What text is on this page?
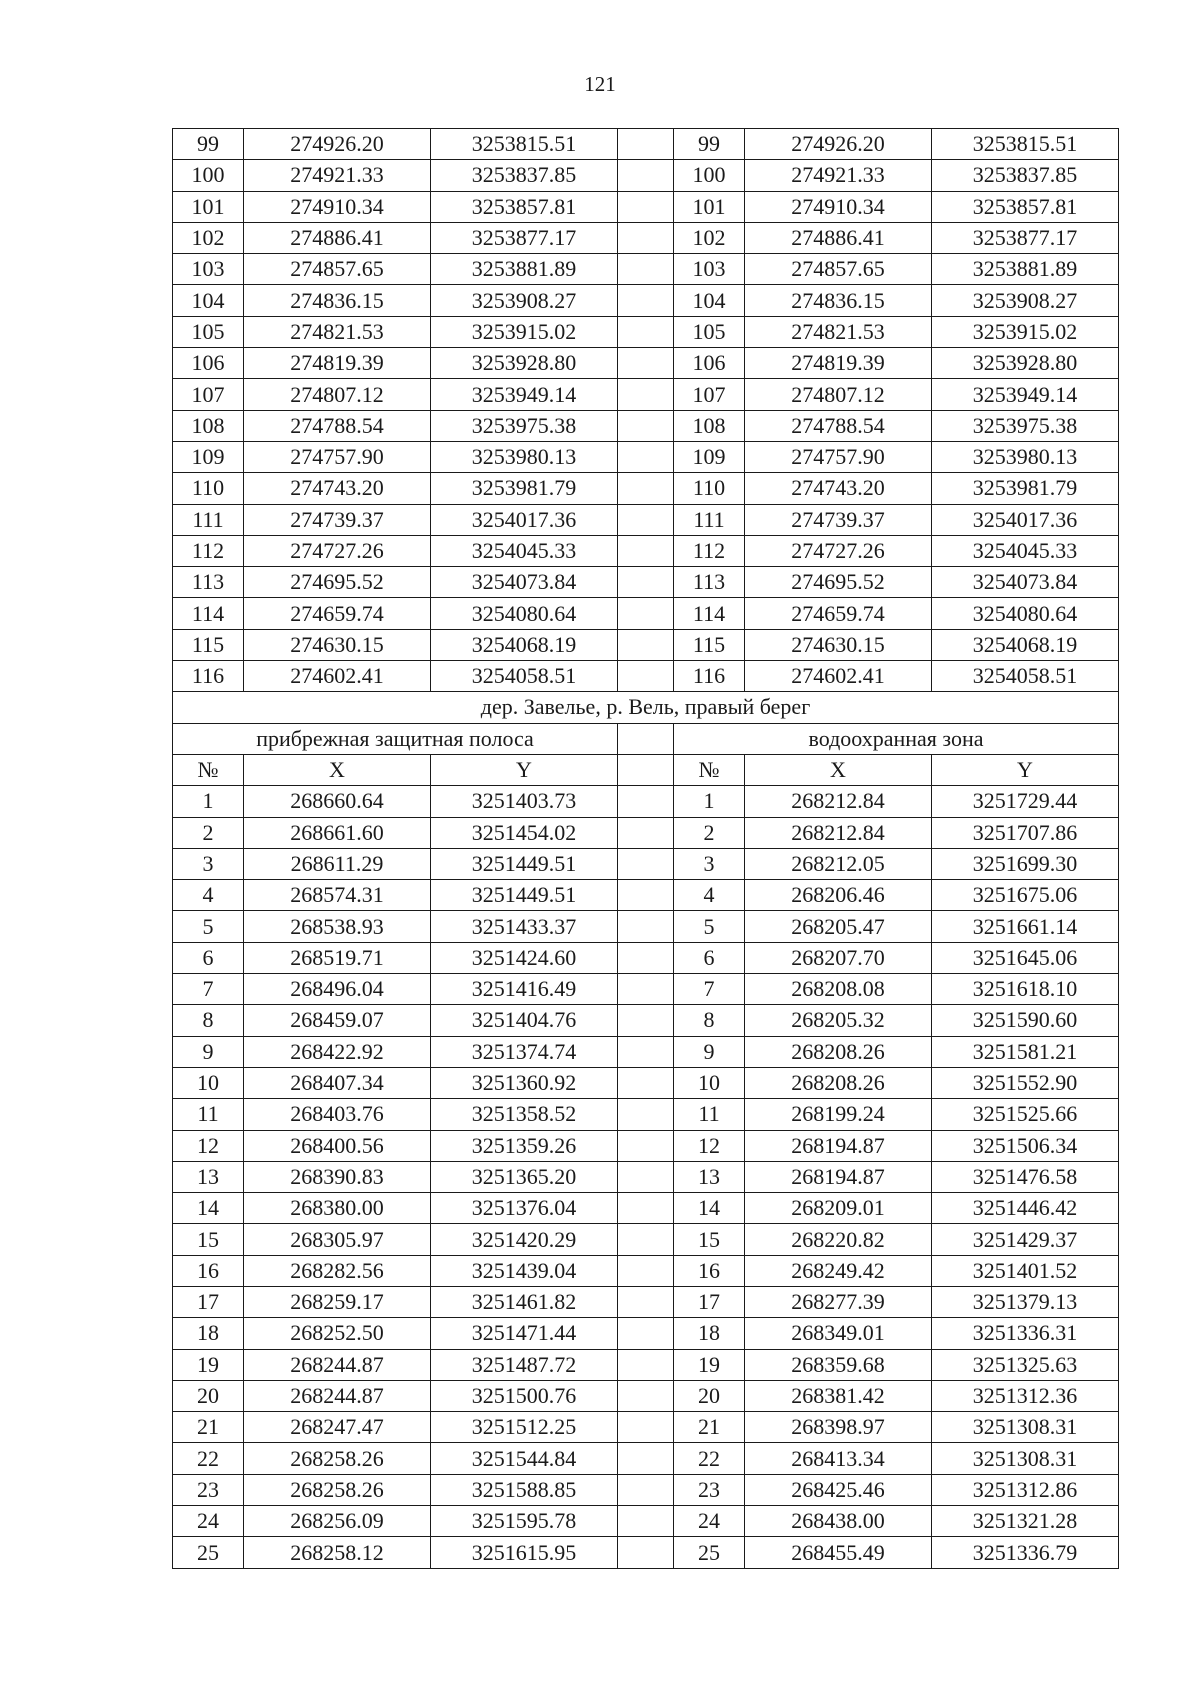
121
99	274926.20	3253815.51		99	274926.20	3253815.51
100	274921.33	3253837.85		100	274921.33	3253837.85
101	274910.34	3253857.81		101	274910.34	3253857.81
102	274886.41	3253877.17		102	274886.41	3253877.17
103	274857.65	3253881.89		103	274857.65	3253881.89
104	274836.15	3253908.27		104	274836.15	3253908.27
105	274821.53	3253915.02		105	274821.53	3253915.02
106	274819.39	3253928.80		106	274819.39	3253928.80
107	274807.12	3253949.14		107	274807.12	3253949.14
108	274788.54	3253975.38		108	274788.54	3253975.38
109	274757.90	3253980.13		109	274757.90	3253980.13
110	274743.20	3253981.79		110	274743.20	3253981.79
111	274739.37	3254017.36		111	274739.37	3254017.36
112	274727.26	3254045.33		112	274727.26	3254045.33
113	274695.52	3254073.84		113	274695.52	3254073.84
114	274659.74	3254080.64		114	274659.74	3254080.64
115	274630.15	3254068.19		115	274630.15	3254068.19
116	274602.41	3254058.51		116	274602.41	3254058.51
дер. Завелье, р. Вель, правый берег						
прибрежная защитная полоса				водоохранная зона		
№	X	Y		№	X	Y
1	268660.64	3251403.73		1	268212.84	3251729.44
2	268661.60	3251454.02		2	268212.84	3251707.86
3	268611.29	3251449.51		3	268212.05	3251699.30
4	268574.31	3251449.51		4	268206.46	3251675.06
5	268538.93	3251433.37		5	268205.47	3251661.14
6	268519.71	3251424.60		6	268207.70	3251645.06
7	268496.04	3251416.49		7	268208.08	3251618.10
8	268459.07	3251404.76		8	268205.32	3251590.60
9	268422.92	3251374.74		9	268208.26	3251581.21
10	268407.34	3251360.92		10	268208.26	3251552.90
11	268403.76	3251358.52		11	268199.24	3251525.66
12	268400.56	3251359.26		12	268194.87	3251506.34
13	268390.83	3251365.20		13	268194.87	3251476.58
14	268380.00	3251376.04		14	268209.01	3251446.42
15	268305.97	3251420.29		15	268220.82	3251429.37
16	268282.56	3251439.04		16	268249.42	3251401.52
17	268259.17	3251461.82		17	268277.39	3251379.13
18	268252.50	3251471.44		18	268349.01	3251336.31
19	268244.87	3251487.72		19	268359.68	3251325.63
20	268244.87	3251500.76		20	268381.42	3251312.36
21	268247.47	3251512.25		21	268398.97	3251308.31
22	268258.26	3251544.84		22	268413.34	3251308.31
23	268258.26	3251588.85		23	268425.46	3251312.86
24	268256.09	3251595.78		24	268438.00	3251321.28
25	268258.12	3251615.95		25	268455.49	3251336.79
